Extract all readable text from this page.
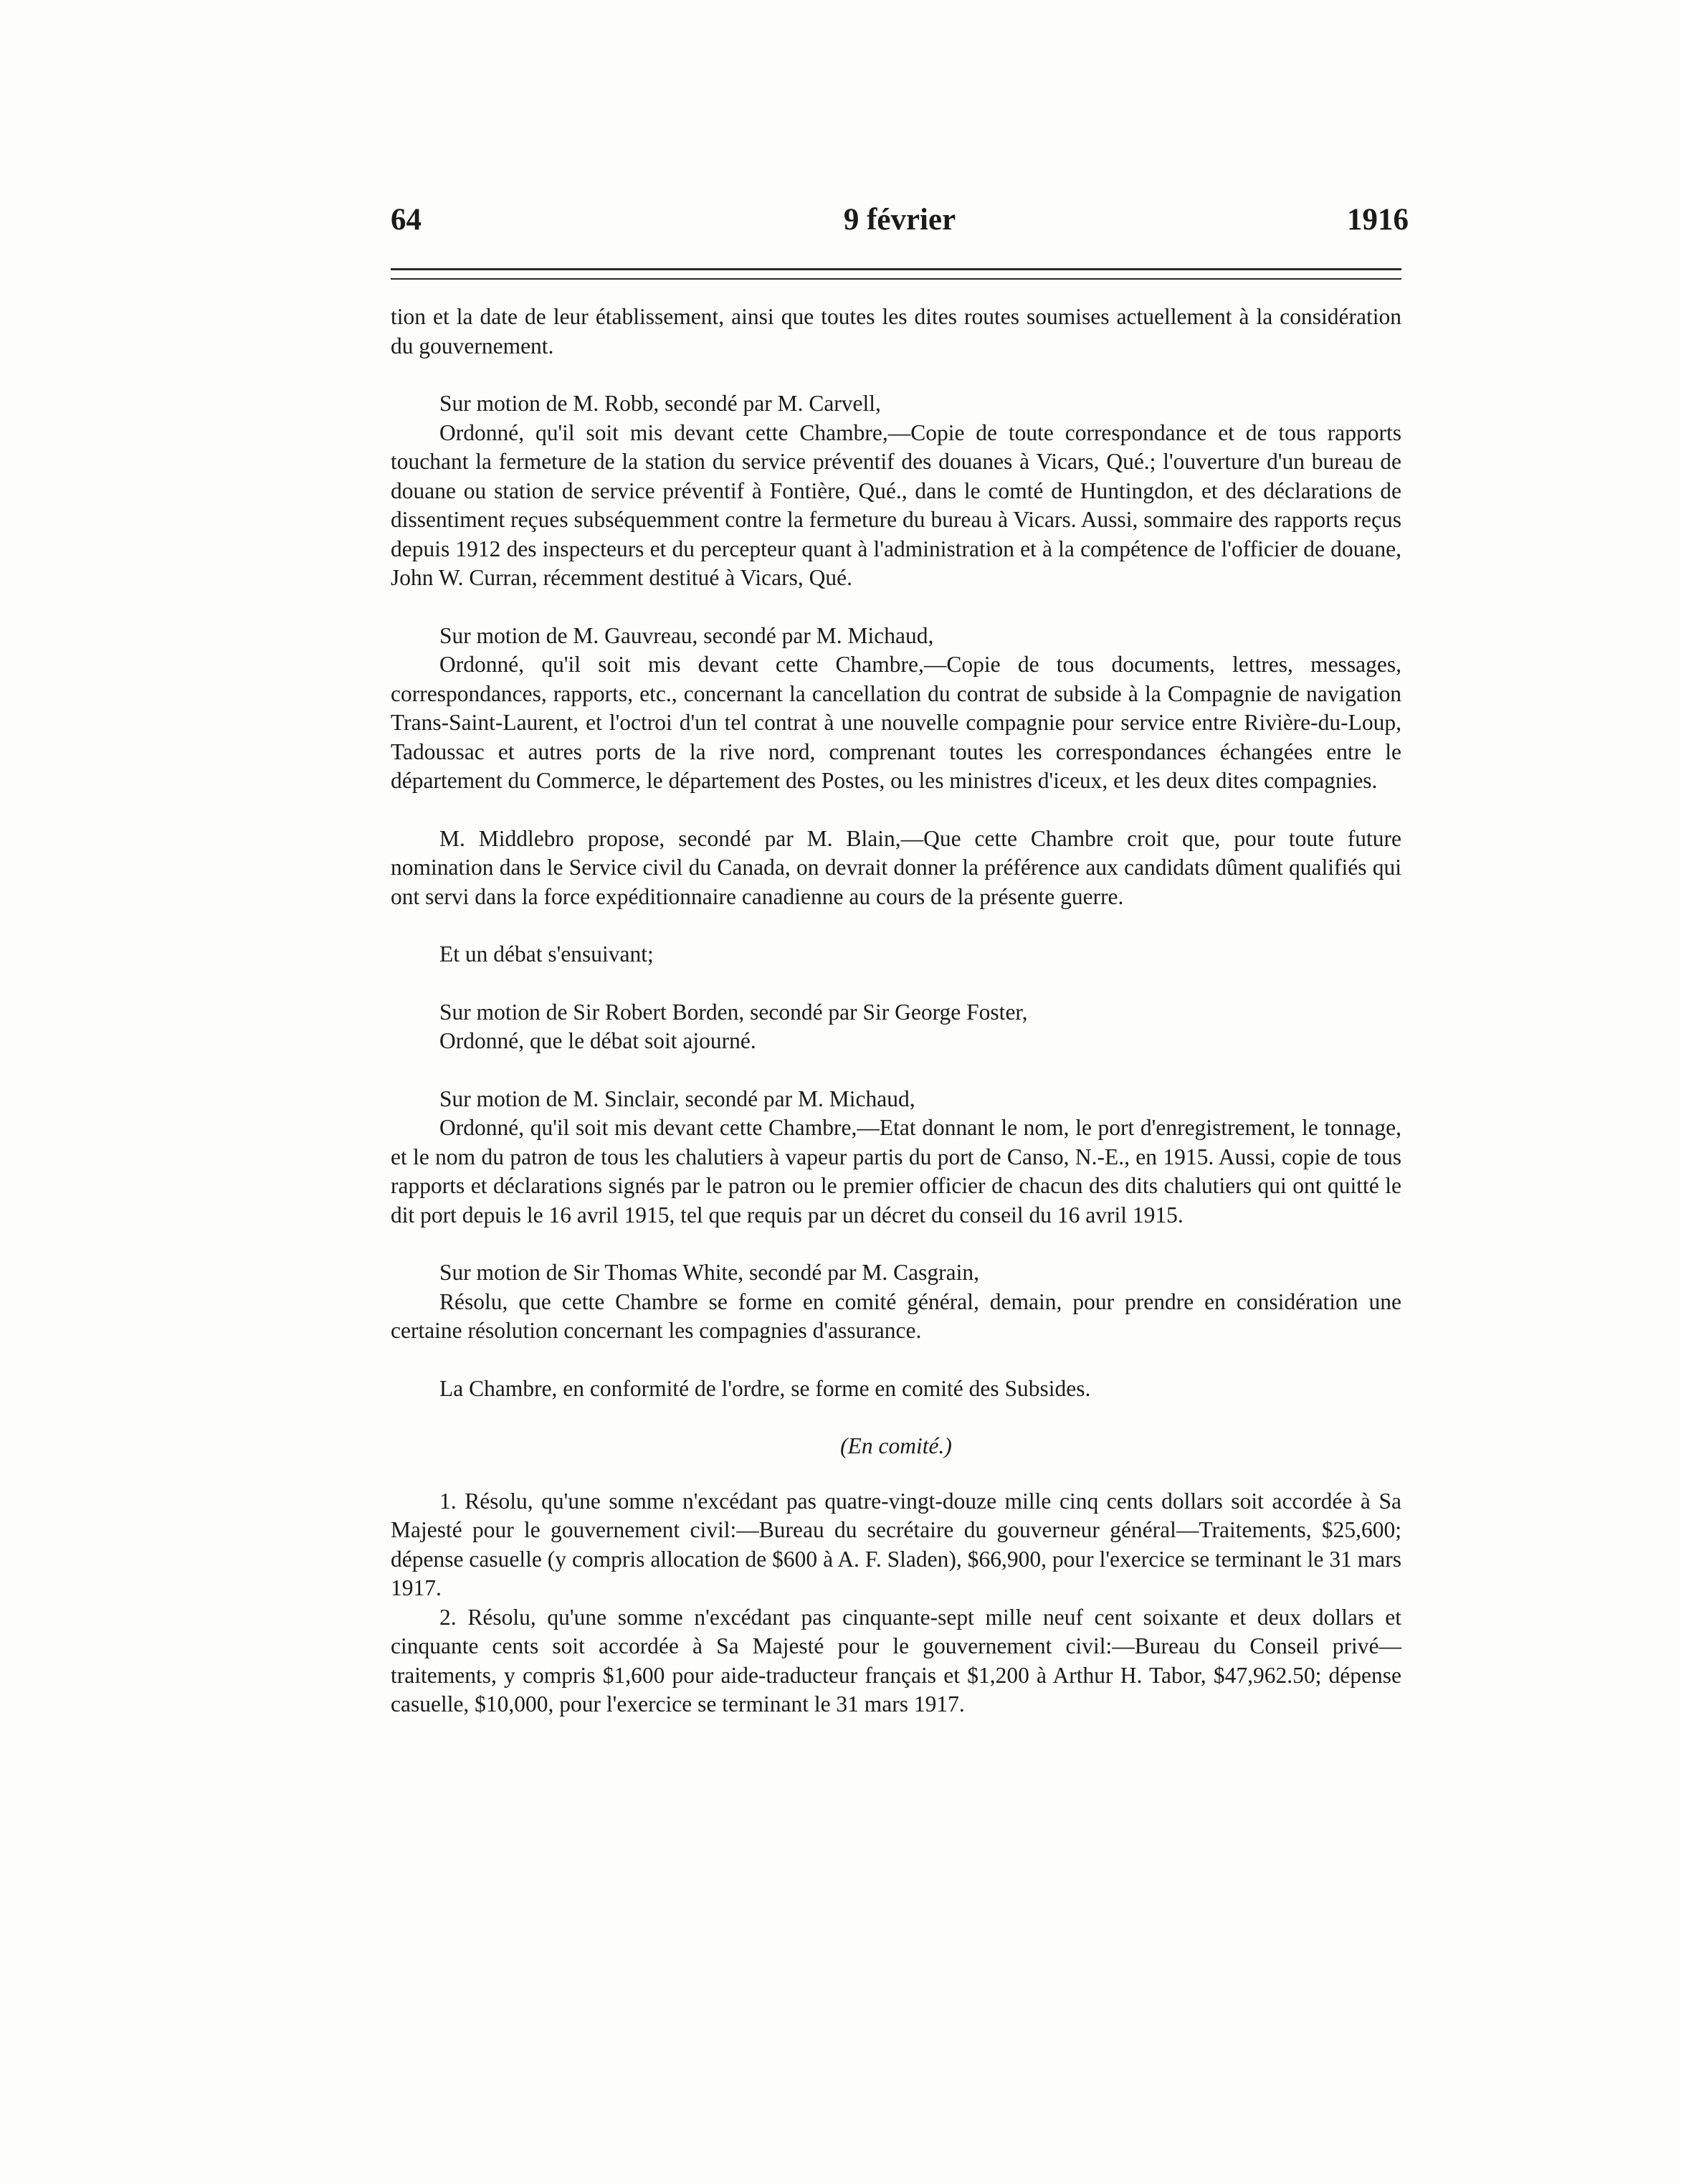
64	9 février	1916

tion et la date de leur établissement, ainsi que toutes les dites routes soumises actuellement à la considération du gouvernement.

Sur motion de M. Robb, secondé par M. Carvell,

Ordonné, qu'il soit mis devant cette Chambre,—Copie de toute correspondance et de tous rapports touchant la fermeture de la station du service préventif des douanes à Vicars, Qué.; l'ouverture d'un bureau de douane ou station de service préventif à Fontière, Qué., dans le comté de Huntingdon, et des déclarations de dissentiment reçues subséquemment contre la fermeture du bureau à Vicars. Aussi, sommaire des rapports reçus depuis 1912 des inspecteurs et du percepteur quant à l'administration et à la compétence de l'officier de douane, John W. Curran, récemment destitué à Vicars, Qué.

Sur motion de M. Gauvreau, secondé par M. Michaud,

Ordonné, qu'il soit mis devant cette Chambre,—Copie de tous documents, lettres, messages, correspondances, rapports, etc., concernant la cancellation du contrat de subside à la Compagnie de navigation Trans-Saint-Laurent, et l'octroi d'un tel contrat à une nouvelle compagnie pour service entre Rivière-du-Loup, Tadoussac et autres ports de la rive nord, comprenant toutes les correspondances échangées entre le département du Commerce, le département des Postes, ou les ministres d'iceux, et les deux dites compagnies.

M. Middlebro propose, secondé par M. Blain,—Que cette Chambre croit que, pour toute future nomination dans le Service civil du Canada, on devrait donner la préférence aux candidats dûment qualifiés qui ont servi dans la force expéditionnaire canadienne au cours de la présente guerre.

Et un débat s'ensuivant;

Sur motion de Sir Robert Borden, secondé par Sir George Foster,

Ordonné, que le débat soit ajourné.

Sur motion de M. Sinclair, secondé par M. Michaud,

Ordonné, qu'il soit mis devant cette Chambre,—Etat donnant le nom, le port d'enregistrement, le tonnage, et le nom du patron de tous les chalutiers à vapeur partis du port de Canso, N.-E., en 1915. Aussi, copie de tous rapports et déclarations signés par le patron ou le premier officier de chacun des dits chalutiers qui ont quitté le dit port depuis le 16 avril 1915, tel que requis par un décret du conseil du 16 avril 1915.

Sur motion de Sir Thomas White, secondé par M. Casgrain,

Résolu, que cette Chambre se forme en comité général, demain, pour prendre en considération une certaine résolution concernant les compagnies d'assurance.

La Chambre, en conformité de l'ordre, se forme en comité des Subsides.

(En comité.)

1. Résolu, qu'une somme n'excédant pas quatre-vingt-douze mille cinq cents dollars soit accordée à Sa Majesté pour le gouvernement civil:—Bureau du secrétaire du gouverneur général—Traitements, $25,600; dépense casuelle (y compris allocation de $600 à A. F. Sladen), $66,900, pour l'exercice se terminant le 31 mars 1917.

2. Résolu, qu'une somme n'excédant pas cinquante-sept mille neuf cent soixante et deux dollars et cinquante cents soit accordée à Sa Majesté pour le gouvernement civil:—Bureau du Conseil privé—traitements, y compris $1,600 pour aide-traducteur français et $1,200 à Arthur H. Tabor, $47,962.50; dépense casuelle, $10,000, pour l'exercice se terminant le 31 mars 1917.
